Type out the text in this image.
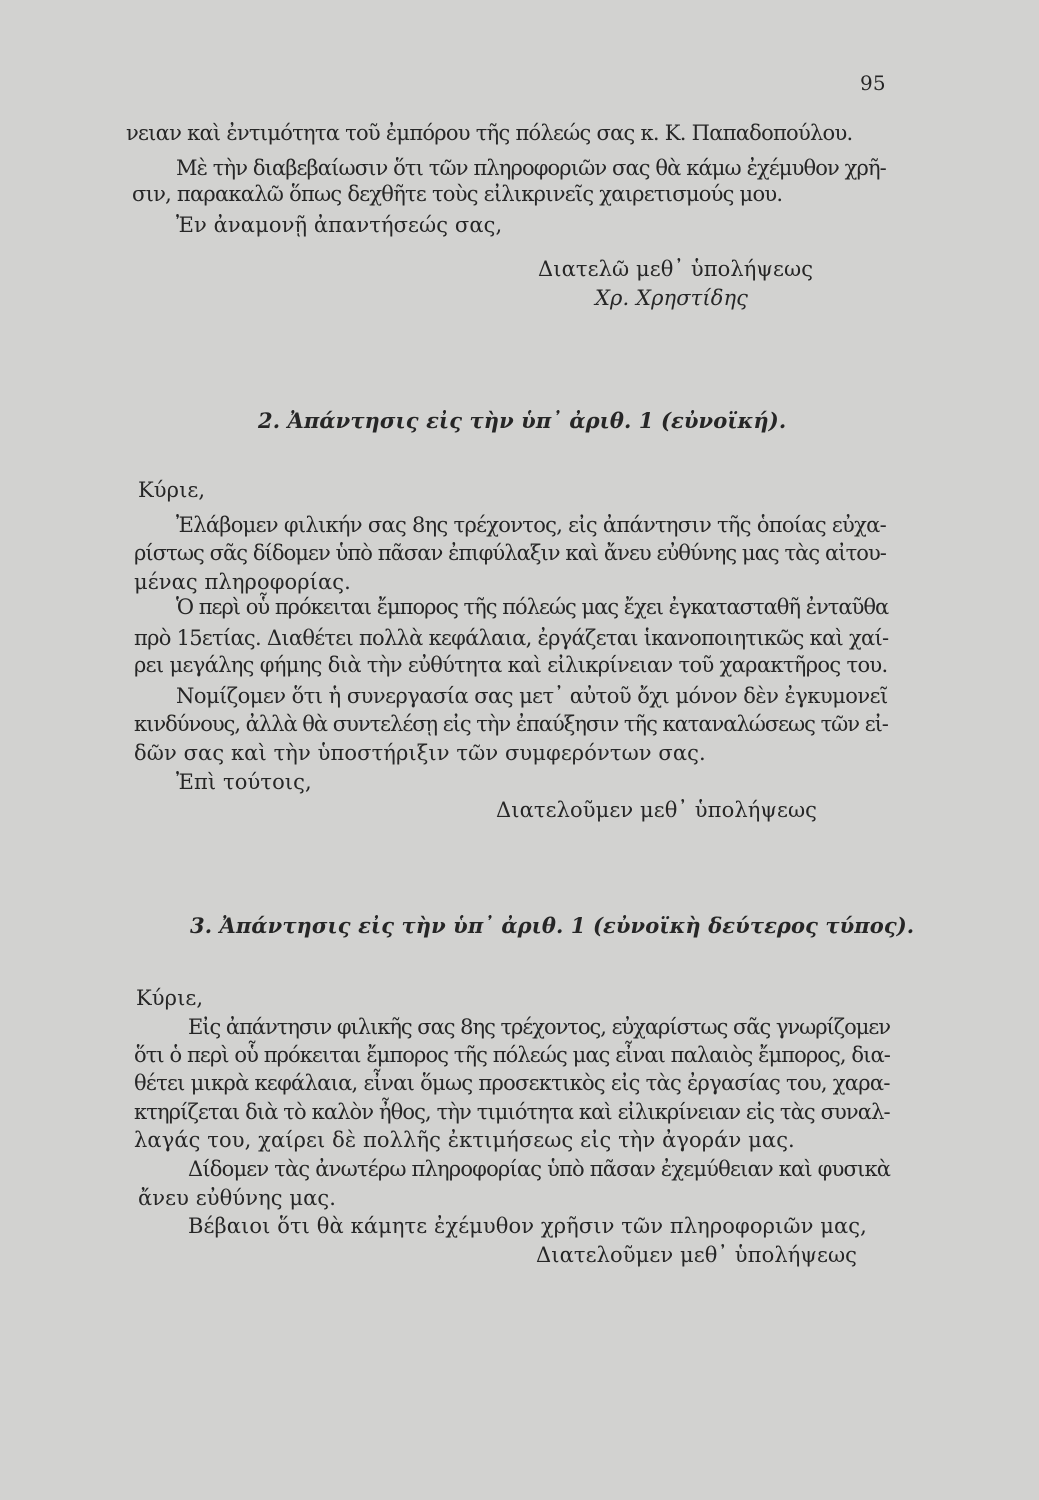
95
νειαν καὶ ἐντιμότητα τοῦ ἐμπόρου τῆς πόλεώς σας κ. Κ. Παπαδοπούλου.
Μὲ τὴν διαβεβαίωσιν ὅτι τῶν πληροφοριῶν σας θὰ κάμω ἐχέμυθον χρῆ-
σιν, παρακαλῶ ὅπως δεχθῆτε τοὺς εἰλικρινεῖς χαιρετισμούς μου.
Ἐν ἀναμονῇ ἀπαντήσεώς σας,
Διατελῶ μεθ᾽ ὑπολήψεως
Χρ. Χρηστίδης
2. Ἀπάντησις εἰς τὴν ὑπ᾽ ἀριθ. 1 (εὐνοϊκή).
Κύριε,
Ἐλάβομεν φιλικήν σας 8ης τρέχοντος, εἰς ἀπάντησιν τῆς ὁποίας εὐχα-
ρίστως σᾶς δίδομεν ὑπὸ πᾶσαν ἐπιφύλαξιν καὶ ἄνευ εὐθύνης μας τὰς αἰτου-
μένας πληροφορίας.
Ὁ περὶ οὗ πρόκειται ἔμπορος τῆς πόλεώς μας ἔχει ἐγκατασταθῆ ἐνταῦθα
πρὸ 15ετίας. Διαθέτει πολλὰ κεφάλαια, ἐργάζεται ἱκανοποιητικῶς καὶ χαί-
ρει μεγάλης φήμης διὰ τὴν εὐθύτητα καὶ εἰλικρίνειαν τοῦ χαρακτῆρος του.
Νομίζομεν ὅτι ἡ συνεργασία σας μετ᾽ αὐτοῦ ὄχι μόνον δὲν ἐγκυμονεῖ
κινδύνους, ἀλλὰ θὰ συντελέσῃ εἰς τὴν ἐπαύξησιν τῆς καταναλώσεως τῶν εἰ-
δῶν σας καὶ τὴν ὑποστήριξιν τῶν συμφερόντων σας.
Ἐπὶ τούτοις,
Διατελοῦμεν μεθ᾽ ὑπολήψεως
3. Ἀπάντησις εἰς τὴν ὑπ᾽ ἀριθ. 1 (εὐνοϊκὴ δεύτερος τύπος).
Κύριε,
Εἰς ἀπάντησιν φιλικῆς σας 8ης τρέχοντος, εὐχαρίστως σᾶς γνωρίζομεν
ὅτι ὁ περὶ οὗ πρόκειται ἔμπορος τῆς πόλεώς μας εἶναι παλαιὸς ἔμπορος, δια-
θέτει μικρὰ κεφάλαια, εἶναι ὅμως προσεκτικὸς εἰς τὰς ἐργασίας του, χαρα-
κτηρίζεται διὰ τὸ καλὸν ἦθος, τὴν τιμιότητα καὶ εἰλικρίνειαν εἰς τὰς συναλ-
λαγάς του, χαίρει δὲ πολλῆς ἐκτιμήσεως εἰς τὴν ἀγοράν μας.
Δίδομεν τὰς ἀνωτέρω πληροφορίας ὑπὸ πᾶσαν ἐχεμύθειαν καὶ φυσικὰ
ἄνευ εὐθύνης μας.
Βέβαιοι ὅτι θὰ κάμητε ἐχέμυθον χρῆσιν τῶν πληροφοριῶν μας,
Διατελοῦμεν μεθ᾽ ὑπολήψεως
